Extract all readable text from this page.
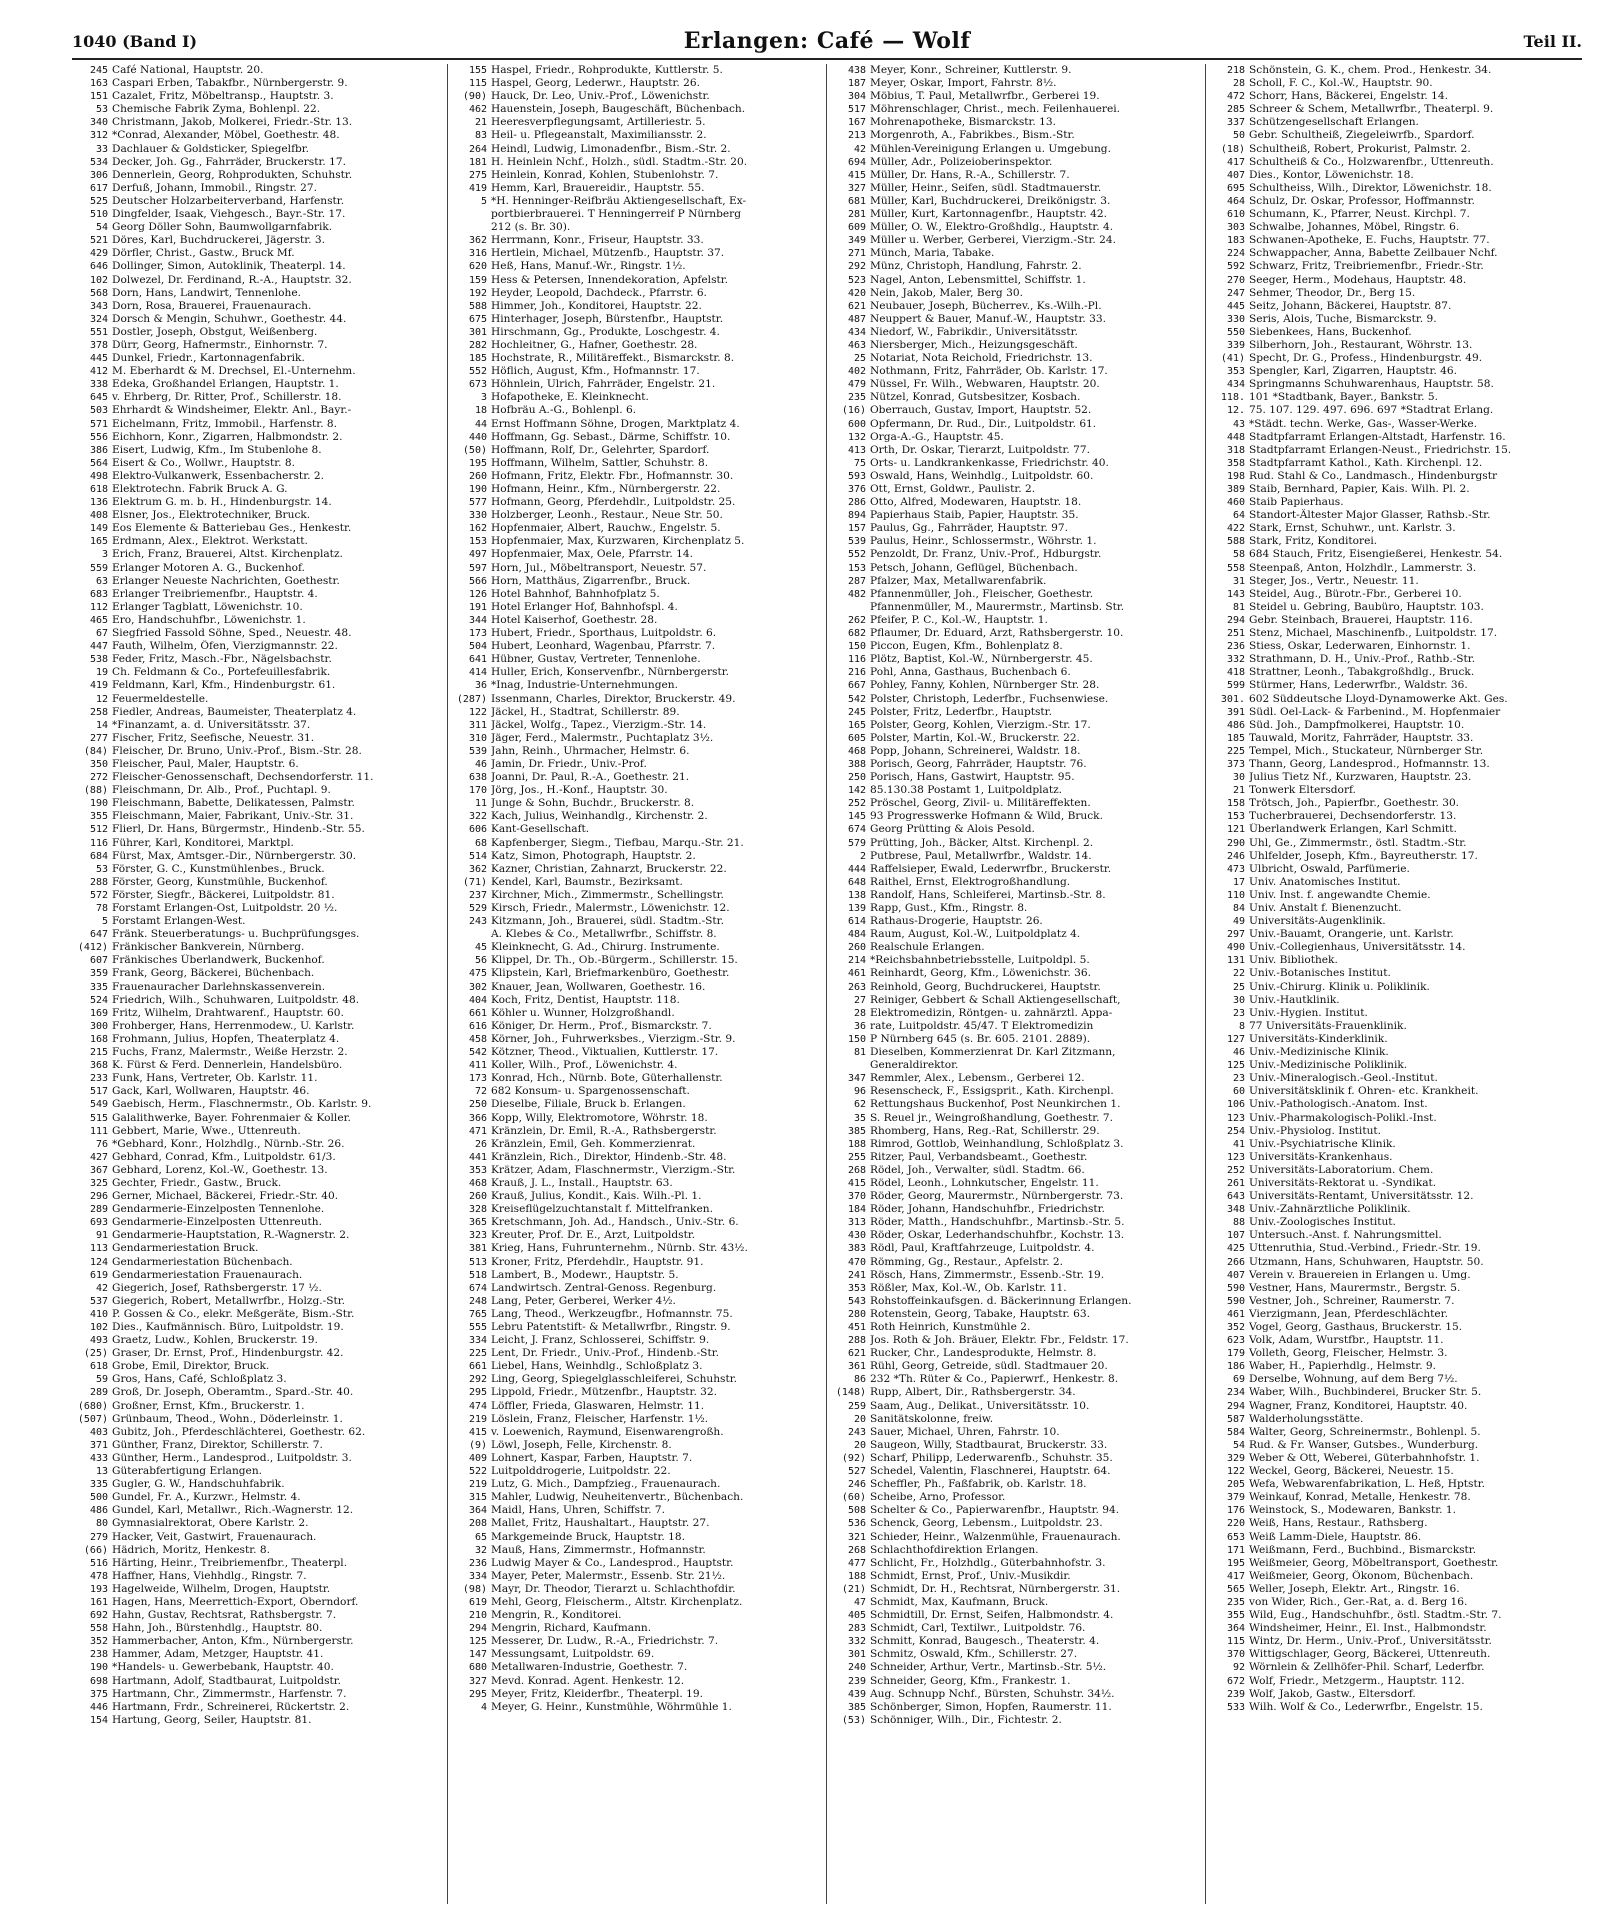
1040 (Band I)	Erlangen: Café — Wolf	Teil II.
245 Café National, Hauptstr. 20.
163 Caspari Erben, Tabakfbr., Nürnbergerstr. 9.
151 Cazalet, Fritz, Möbeltransp., Hauptstr. 3.
53 Chemische Fabrik Zyma, Bohlenpl. 22.
340 Christmann, Jakob, Molkerei, Friedr.-Str. 13.
312 *Conrad, Alexander, Möbel, Goethestr. 48.
33 Dachlauer & Goldsticker, Spiegelfbr.
534 Decker, Joh. Gg., Fahrräder, Bruckerstr. 17.
306 Dennerlein, Georg, Rohprodukten, Schuhstr.
617 Derfuß, Johann, Immobil., Ringstr. 27.
525 Deutscher Holzarbeiterverband, Harfenstr.
510 Dingfelder, Isaak, Viehgesch., Bayr.-Str. 17.
54 Georg Döller Sohn, Baumwollgarnfabrik.
521 Döres, Karl, Buchdruckerei, Jägerstr. 3.
429 Dörfler, Christ., Gastw., Bruck Mf.
646 Dollinger, Simon, Autoklinik, Theaterpl. 14.
102 Dolwezel, Dr. Ferdinand, R.-A., Hauptstr. 32.
568 Dorn, Hans, Landwirt, Tennenlohe.
343 Dorn, Rosa, Brauerei, Frauenaurach.
324 Dorsch & Mengin, Schuhwr., Goethestr. 44.
551 Dostler, Joseph, Obstgut, Weißenberg.
378 Dürr, Georg, Hafnermstr., Einhornstr. 7.
445 Dunkel, Friedr., Kartonnagenfabrik.
412 M. Eberhardt & M. Drechsel, El.-Unternehm.
338 Edeka, Großhandel Erlangen, Hauptstr. 1.
645 v. Ehrberg, Dr. Ritter, Prof., Schillerstr. 18.
503 Ehrhardt & Windsheimer, Elektr. Anl., Bayr.-
571 Eichelmann, Fritz, Immobil., Harfenstr. 8.
556 Eichhorn, Konr., Zigarren, Halbmondstr. 2.
386 Eisert, Ludwig, Kfm., Im Stubenlohe 8.
564 Eisert & Co., Wollwr., Hauptstr. 8.
498 Elektro-Vulkanwerk, Essenbacherstr. 2.
618 Elektrotechn. Fabrik Bruck A. G.
136 Elektrum G. m. b. H., Hindenburgstr. 14.
408 Elsner, Jos., Elektrotechniker, Bruck.
149 Eos Elemente & Batteriebau Ges., Henkestr.
165 Erdmann, Alex., Elektrot. Werkstatt.
3 Erich, Franz, Brauerei, Altst. Kirchenplatz.
559 Erlanger Motoren A. G., Buckenhof.
63 Erlanger Neueste Nachrichten, Goethestr.
683 Erlanger Treibriemenfbr., Hauptstr. 4.
112 Erlanger Tagblatt, Löwenichstr. 10.
465 Ero, Handschuhfbr., Löwenichstr. 1.
67 Siegfried Fassold Söhne, Sped., Neuestr. 48.
447 Fauth, Wilhelm, Öfen, Vierzigmannstr. 22.
538 Feder, Fritz, Masch.-Fbr., Nägelsbachstr.
19 Ch. Feldmann & Co., Portefeuillesfabrik.
419 Feldmann, Karl, Kfm., Hindenburgstr. 61.
12 Feuermeldestelle.
258 Fiedler, Andreas, Baumeister, Theaterplatz 4.
14 *Finanzamt, a. d. Universitätsstr. 37.
277 Fischer, Fritz, Seefische, Neuestr. 31.
(84) Fleischer, Dr. Bruno, Univ.-Prof., Bism.-Str. 28.
350 Fleischer, Paul, Maler, Hauptstr. 6.
272 Fleischer-Genossenschaft, Dechsendorferstr. 11.
(88) Fleischmann, Dr. Alb., Prof., Puchtapl. 9.
190 Fleischmann, Babette, Delikatessen, Palmstr.
355 Fleischmann, Maier, Fabrikant, Univ.-Str. 31.
512 Flierl, Dr. Hans, Bürgermstr., Hindenb.-Str. 55.
116 Führer, Karl, Konditorei, Marktpl.
684 Fürst, Max, Amtsger.-Dir., Nürnbergerstr. 30.
53 Förster, G. C., Kunstmühlenbes., Bruck.
288 Förster, Georg, Kunstmühle, Buckenhof.
572 Förster, Siegfr., Bäckerei, Luitpoldstr. 81.
78 Forstamt Erlangen-Ost, Luitpoldstr. 20 ½.
5 Forstamt Erlangen-West.
647 Fränk. Steuerberatungs- u. Buchprüfungsges.
(412) Fränkischer Bankverein, Nürnberg.
607 Fränkisches Überlandwerk, Buckenhof.
359 Frank, Georg, Bäckerei, Büchenbach.
335 Frauenauracher Darlehnskassenverein.
524 Friedrich, Wilh., Schuhwaren, Luitpoldstr. 48.
169 Fritz, Wilhelm, Drahtwarenf., Hauptstr. 60.
300 Frohberger, Hans, Herrenmodew., U. Karlstr.
168 Frohmann, Julius, Hopfen, Theaterplatz 4.
215 Fuchs, Franz, Malermstr., Weiße Herzstr. 2.
368 K. Fürst & Ferd. Dennerlein, Handelsbüro.
233 Funk, Hans, Vertreter, Ob. Karlstr. 11.
517 Gack, Karl, Wollwaren, Hauptstr. 46.
549 Gaebisch, Herm., Flaschnermstr., Ob. Karlstr. 9.
515 Galalithwerke, Bayer. Fohrenmaier & Koller.
111 Gebbert, Marie, Wwe., Uttenreuth.
76 *Gebhard, Konr., Holzhdlg., Nürnb.-Str. 26.
427 Gebhard, Conrad, Kfm., Luitpoldstr. 61/3.
367 Gebhard, Lorenz, Kol.-W., Goethestr. 13.
325 Gechter, Friedr., Gastw., Bruck.
296 Gerner, Michael, Bäckerei, Friedr.-Str. 40.
289 Gendarmerie-Einzelposten Tennenlohe.
693 Gendarmerie-Einzelposten Uttenreuth.
91 Gendarmerie-Hauptstation, R.-Wagnerstr. 2.
113 Gendarmeriestation Bruck.
124 Gendarmeriestation Büchenbach.
619 Gendarmeriestation Frauenaurach.
42 Giegerich, Josef, Rathsbergerstr. 17 ½.
537 Giegerich, Robert, Metallwrfbr., Holzg.-Str.
410 P. Gossen & Co., elekr. Meßgeräte, Bism.-Str.
102 Dies., Kaufmännisch. Büro, Luitpoldstr. 19.
493 Graetz, Ludw., Kohlen, Bruckerstr. 19.
(25) Graser, Dr. Ernst, Prof., Hindenburgstr. 42.
618 Grobe, Emil, Direktor, Bruck.
59 Gros, Hans, Café, Schloßplatz 3.
289 Groß, Dr. Joseph, Oberamtm., Spard.-Str. 40.
(680) Großner, Ernst, Kfm., Bruckerstr. 1.
(507) Grünbaum, Theod., Wohn., Döderleinstr. 1.
403 Gubitz, Joh., Pferdeschlächterei, Goethestr. 62.
371 Günther, Franz, Direktor, Schillerstr. 7.
433 Günther, Herm., Landesprod., Luitpoldstr. 3.
13 Güterabfertigung Erlangen.
335 Gugler, G. W., Handschuhfabrik.
500 Gundel, Fr. A., Kurzwr., Helmstr. 4.
486 Gundel, Karl, Metallwr., Rich.-Wagnerstr. 12.
80 Gymnasialrektorat, Obere Karlstr. 2.
279 Hacker, Veit, Gastwirt, Frauenaurach.
(66) Hädrich, Moritz, Henkestr. 8.
516 Härting, Heinr., Treibriemenfbr., Theaterpl.
478 Haffner, Hans, Viehhdlg., Ringstr. 7.
193 Hagelweide, Wilhelm, Drogen, Hauptstr.
161 Hagen, Hans, Meerrettich-Export, Oberndorf.
692 Hahn, Gustav, Rechtsrat, Rathsbergstr. 7.
558 Hahn, Joh., Bürstenhdlg., Hauptstr. 80.
352 Hammerbacher, Anton, Kfm., Nürnbergerstr.
238 Hammer, Adam, Metzger, Hauptstr. 41.
190 *Handels- u. Gewerbebank, Hauptstr. 40.
698 Hartmann, Adolf, Stadtbaurat, Luitpoldstr.
375 Hartmann, Chr., Zimmermstr., Harfenstr. 7.
446 Hartmann, Frdr., Schreinerei, Rückertstr. 2.
154 Hartung, Georg, Seiler, Hauptstr. 81.
155 Haspel, Friedr., Rohprodukte, Kuttlerstr. 5.
115 Haspel, Georg, Lederwr., Hauptstr. 26.
(90) Hauck, Dr. Leo, Univ.-Prof., Löwenichstr.
462 Hauenstein, Joseph, Baugeschäft, Büchenbach.
21 Heeresverpflegungsamt, Artilleriestr. 5.
83 Heil- u. Pflegeanstalt, Maximiliansstr. 2.
264 Heindl, Ludwig, Limonadenfbr., Bism.-Str. 2.
181 H. Heinlein Nchf., Holzh., südl. Stadtm.-Str. 20.
275 Heinlein, Konrad, Kohlen, Stubenlohstr. 7.
419 Hemm, Karl, Brauereidir., Hauptstr. 55.
5 *H. Henninger-Reifbräu Aktiengesellschaft, Ex-
portbierbrauerei. T Henningerreif P Nürnberg
212 (s. Br. 30).
362 Herrmann, Konr., Friseur, Hauptstr. 33.
316 Hertlein, Michael, Mützenfb., Hauptstr. 37.
620 Heß, Hans, Manuf.-Wr., Ringstr. 1½.
159 Hess & Petersen, Innendekoration, Apfelstr.
192 Heyder, Leopold, Dachdeck., Pfarrstr. 6.
588 Himmer, Joh., Konditorei, Hauptstr. 22.
675 Hinterhager, Joseph, Bürstenfbr., Hauptstr.
301 Hirschmann, Gg., Produkte, Loschgestr. 4.
282 Hochleitner, G., Hafner, Goethestr. 28.
185 Hochstrate, R., Militäreffekt., Bismarckstr. 8.
552 Höflich, August, Kfm., Hofmannstr. 17.
673 Höhnlein, Ulrich, Fahrräder, Engelstr. 21.
3 Hofapotheke, E. Kleinknecht.
18 Hofbräu A.-G., Bohlenpl. 6.
44 Ernst Hoffmann Söhne, Drogen, Marktplatz 4.
440 Hoffmann, Gg. Sebast., Därme, Schiffstr. 10.
(50) Hoffmann, Rolf, Dr., Gelehrter, Spardorf.
195 Hoffmann, Wilhelm, Sattler, Schuhstr. 8.
260 Hofmann, Fritz, Elektr. Fbr., Hofmannstr. 30.
190 Hofmann, Heinr., Kfm., Nürnbergerstr. 22.
577 Hofmann, Georg, Pferdehdlr., Luitpoldstr. 25.
330 Holzberger, Leonh., Restaur., Neue Str. 50.
162 Hopfenmaier, Albert, Rauchw., Engelstr. 5.
153 Hopfenmaier, Max, Kurzwaren, Kirchenplatz 5.
497 Hopfenmaier, Max, Oele, Pfarrstr. 14.
597 Horn, Jul., Möbeltransport, Neuestr. 57.
566 Horn, Matthäus, Zigarrenfbr., Bruck.
126 Hotel Bahnhof, Bahnhofplatz 5.
191 Hotel Erlanger Hof, Bahnhofspl. 4.
344 Hotel Kaiserhof, Goethestr. 28.
173 Hubert, Friedr., Sporthaus, Luitpoldstr. 6.
504 Hubert, Leonhard, Wagenbau, Pfarrstr. 7.
641 Hübner, Gustav, Vertreter, Tennenlohe.
414 Huller, Erich, Konservenfbr., Nürnbergerstr.
36 *Inag, Industrie-Unternehmungen.
(287) Issenmann, Charles, Direktor, Bruckerstr. 49.
122 Jäckel, H., Stadtrat, Schillerstr. 89.
311 Jäckel, Wolfg., Tapez., Vierzigm.-Str. 14.
310 Jäger, Ferd., Malermstr., Puchtaplatz 3½.
539 Jahn, Reinh., Uhrmacher, Helmstr. 6.
46 Jamin, Dr. Friedr., Univ.-Prof.
638 Joanni, Dr. Paul, R.-A., Goethestr. 21.
170 Jörg, Jos., H.-Konf., Hauptstr. 30.
11 Junge & Sohn, Buchdr., Bruckerstr. 8.
322 Kach, Julius, Weinhandlg., Kirchenstr. 2.
606 Kant-Gesellschaft.
68 Kapfenberger, Siegm., Tiefbau, Marqu.-Str. 21.
514 Katz, Simon, Photograph, Hauptstr. 2.
362 Kazner, Christian, Zahnarzt, Bruckerstr. 22.
(71) Kendel, Karl, Baumstr., Bezirksamt.
237 Kirchner, Mich., Zimmermstr., Schellingstr.
529 Kirsch, Friedr., Malermstr., Löwenichstr. 12.
243 Kitzmann, Joh., Brauerei, südl. Stadtm.-Str.
A. Klebes & Co., Metallwrfbr., Schiffstr. 8.
45 Kleinknecht, G. Ad., Chirurg. Instrumente.
56 Klippel, Dr. Th., Ob.-Bürgerm., Schillerstr. 15.
475 Klipstein, Karl, Briefmarkenbüro, Goethestr.
302 Knauer, Jean, Wollwaren, Goethestr. 16.
404 Koch, Fritz, Dentist, Hauptstr. 118.
661 Köhler u. Wunner, Holzgroßhandl.
616 Königer, Dr. Herm., Prof., Bismarckstr. 7.
458 Körner, Joh., Fuhrwerksbes., Vierzigm.-Str. 9.
542 Kötzner, Theod., Viktualien, Kuttlerstr. 17.
411 Koller, Wilh., Prof., Löwenichstr. 4.
173 Konrad, Hch., Nürnb. Bote, Güterhallenstr.
72 682 Konsum- u. Spargenossenschaft.
250 Dieselbe, Filiale, Bruck b. Erlangen.
366 Kopp, Willy, Elektromotore, Wöhrstr. 18.
471 Kränzlein, Dr. Emil, R.-A., Rathsbergerstr.
26 Kränzlein, Emil, Geh. Kommerzienrat.
441 Kränzlein, Rich., Direktor, Hindenb.-Str. 48.
353 Krätzer, Adam, Flaschnermstr., Vierzigm.-Str.
468 Krauß, J. L., Install., Hauptstr. 63.
260 Krauß, Julius, Kondit., Kais. Wilh.-Pl. 1.
328 Kreiseflügelzuchtanstalt f. Mittelfranken.
365 Kretschmann, Joh. Ad., Handsch., Univ.-Str. 6.
323 Kreuter, Prof. Dr. E., Arzt, Luitpoldstr.
381 Krieg, Hans, Fuhrunternehm., Nürnb. Str. 43½.
513 Kroner, Fritz, Pferdehdlr., Hauptstr. 91.
518 Lambert, B., Modewr., Hauptstr. 5.
674 Landwirtsch. Zentral-Genoss. Regenburg.
248 Lang, Peter, Gerberei, Werker 4½.
765 Lang, Theod., Werkzeugfbr., Hofmannstr. 75.
555 Lebru Patentstift- & Metallwrfbr., Ringstr. 9.
334 Leicht, J. Franz, Schlosserei, Schiffstr. 9.
225 Lent, Dr. Friedr., Univ.-Prof., Hindenb.-Str.
661 Liebel, Hans, Weinhdlg., Schloßplatz 3.
292 Ling, Georg, Spiegelglasschleiferei, Schuhstr.
295 Lippold, Friedr., Mützenfbr., Hauptstr. 32.
474 Löffler, Frieda, Glaswaren, Helmstr. 11.
219 Löslein, Franz, Fleischer, Harfenstr. 1½.
415 v. Loewenich, Raymund, Eisenwarengroßh.
(9) Löwl, Joseph, Felle, Kirchenstr. 8.
409 Lohnert, Kaspar, Farben, Hauptstr. 7.
522 Luitpolddrogerie, Luitpoldstr. 22.
219 Lutz, G. Mich., Dampfzieg., Frauenaurach.
315 Mahler, Ludwig, Neuheitenvertr., Büchenbach.
364 Maidl, Hans, Uhren, Schiffstr. 7.
208 Mallet, Fritz, Haushaltart., Hauptstr. 27.
65 Markgemeinde Bruck, Hauptstr. 18.
32 Mauß, Hans, Zimmermstr., Hofmannstr.
236 Ludwig Mayer & Co., Landesprod., Hauptstr.
334 Mayer, Peter, Malermstr., Essenb. Str. 21½.
(98) Mayr, Dr. Theodor, Tierarzt u. Schlachthofdir.
619 Mehl, Georg, Fleischerm., Altstr. Kirchenplatz.
210 Mengrin, R., Konditorei.
294 Mengrin, Richard, Kaufmann.
125 Messerer, Dr. Ludw., R.-A., Friedrichstr. 7.
147 Messungsamt, Luitpoldstr. 69.
680 Metallwaren-Industrie, Goethestr. 7.
327 Mevd. Konrad. Agent. Henkestr. 12.
295 Meyer, Fritz, Kleiderfbr., Theaterpl. 19.
4 Meyer, G. Heinr., Kunstmühle, Wöhrmühle 1.
438 Meyer, Konr., Schreiner, Kuttlerstr. 9.
187 Meyer, Oskar, Import, Fahrstr. 8½.
304 Möbius, T. Paul, Metallwrfbr., Gerberei 19.
517 Möhrenschlager, Christ., mech. Feilenhauerei.
167 Mohrenapotheke, Bismarckstr. 13.
213 Morgenroth, A., Fabrikbes., Bism.-Str.
42 Mühlen-Vereinigung Erlangen u. Umgebung.
694 Müller, Adr., Polizeioberinspektor.
415 Müller, Dr. Hans, R.-A., Schillerstr. 7.
327 Müller, Heinr., Seifen, südl. Stadtmauerstr.
681 Müller, Karl, Buchdruckerei, Dreikönigstr. 3.
281 Müller, Kurt, Kartonnagenfbr., Hauptstr. 42.
609 Müller, O. W., Elektro-Großhdlg., Hauptstr. 4.
349 Müller u. Werber, Gerberei, Vierzigm.-Str. 24.
271 Münch, Maria, Tabake.
292 Münz, Christoph, Handlung, Fahrstr. 2.
523 Nagel, Anton, Lebensmittel, Schiffstr. 1.
420 Nein, Jakob, Maler, Berg 30.
621 Neubauer, Joseph, Bücherrev., Ks.-Wilh.-Pl.
487 Neuppert & Bauer, Manuf.-W., Hauptstr. 33.
434 Niedorf, W., Fabrikdir., Universitätsstr.
463 Niersberger, Mich., Heizungsgeschäft.
25 Notariat, Nota Reichold, Friedrichstr. 13.
402 Nothmann, Fritz, Fahrräder, Ob. Karlstr. 17.
479 Nüssel, Fr. Wilh., Webwaren, Hauptstr. 20.
235 Nützel, Konrad, Gutsbesitzer, Kosbach.
(16) Oberrauch, Gustav, Import, Hauptstr. 52.
600 Opfermann, Dr. Rud., Dir., Luitpoldstr. 61.
132 Orga-A.-G., Hauptstr. 45.
413 Orth, Dr. Oskar, Tierarzt, Luitpoldstr. 77.
75 Orts- u. Landkrankenkasse, Friedrichstr. 40.
593 Oswald, Hans, Weinhdlg., Luitpoldstr. 60.
376 Ott, Ernst, Goldwr., Paulistr. 2.
286 Otto, Alfred, Modewaren, Hauptstr. 18.
894 Papierhaus Staib, Papier, Hauptstr. 35.
157 Paulus, Gg., Fahrräder, Hauptstr. 97.
539 Paulus, Heinr., Schlossermstr., Wöhrstr. 1.
552 Penzoldt, Dr. Franz, Univ.-Prof., Hdburgstr.
153 Petsch, Johann, Geflügel, Büchenbach.
287 Pfalzer, Max, Metallwarenfabrik.
482 Pfannenmüller, Joh., Fleischer, Goethestr.
Pfannenmüller, M., Maurermstr., Martinsb. Str.
262 Pfeifer, P. C., Kol.-W., Hauptstr. 1.
682 Pflaumer, Dr. Eduard, Arzt, Rathsbergerstr. 10.
150 Piccon, Eugen, Kfm., Bohlenplatz 8.
116 Plötz, Baptist, Kol.-W., Nürnbergerstr. 45.
216 Pohl, Anna, Gasthaus, Buchenbach 6.
667 Pohley, Fanny, Kohlen, Nürnberger Str. 28.
542 Polster, Christoph, Lederfbr., Fuchsenwiese.
245 Polster, Fritz, Lederfbr., Hauptstr.
165 Polster, Georg, Kohlen, Vierzigm.-Str. 17.
605 Polster, Martin, Kol.-W., Bruckerstr. 22.
468 Popp, Johann, Schreinerei, Waldstr. 18.
388 Porisch, Georg, Fahrräder, Hauptstr. 76.
250 Porisch, Hans, Gastwirt, Hauptstr. 95.
142 85.130.38 Postamt 1, Luitpoldplatz.
252 Pröschel, Georg, Zivil- u. Militäreffekten.
145 93 Progresswerke Hofmann & Wild, Bruck.
674 Georg Prütting & Alois Pesold.
579 Prütting, Joh., Bäcker, Altst. Kirchenpl. 2.
2 Putbrese, Paul, Metallwrfbr., Waldstr. 14.
444 Raffelsieper, Ewald, Lederwrfbr., Bruckerstr.
648 Raithel, Ernst, Elektrogroßhandlung.
138 Randolf, Hans, Schleiferei, Martinsb.-Str. 8.
139 Rapp, Gust., Kfm., Ringstr. 8.
614 Rathaus-Drogerie, Hauptstr. 26.
484 Raum, August, Kol.-W., Luitpoldplatz 4.
260 Realschule Erlangen.
214 *Reichsbahnbetriebsstelle, Luitpoldpl. 5.
461 Reinhardt, Georg, Kfm., Löwenichstr. 36.
263 Reinhold, Georg, Buchdruckerei, Hauptstr.
27 Reiniger, Gebbert & Schall Aktiengesellschaft,
28 Elektromedizin, Röntgen- u. zahnärztl. Appa-
36 rate, Luitpoldstr. 45/47. T Elektromedizin
150 P Nürnberg 645 (s. Br. 605. 2101. 2889).
81 Dieselben, Kommerzienrat Dr. Karl Zitzmann,
Generaldirektor.
347 Remmler, Alex., Lebensm., Gerberei 12.
96 Resenscheck, F., Essigsprit., Kath. Kirchenpl.
62 Rettungshaus Buckenhof, Post Neunkirchen 1.
35 S. Reuel jr., Weingroßhandlung, Goethestr. 7.
385 Rhomberg, Hans, Reg.-Rat, Schillerstr. 29.
188 Rimrod, Gottlob, Weinhandlung, Schloßplatz 3.
255 Ritzer, Paul, Verbandsbeamt., Goethestr.
268 Rödel, Joh., Verwalter, südl. Stadtm. 66.
415 Rödel, Leonh., Lohnkutscher, Engelstr. 11.
370 Röder, Georg, Maurermstr., Nürnbergerstr. 73.
184 Röder, Johann, Handschuhfbr., Friedrichstr.
313 Röder, Matth., Handschuhfbr., Martinsb.-Str. 5.
430 Röder, Oskar, Lederhandschuhfbr., Kochstr. 13.
383 Rödl, Paul, Kraftfahrzeuge, Luitpoldstr. 4.
470 Römming, Gg., Restaur., Apfelstr. 2.
241 Rösch, Hans, Zimmermstr., Essenb.-Str. 19.
353 Rößler, Max, Kol.-W., Ob. Karlstr. 11.
543 Rohstoffeinkaufsgen. d. Bäckerinnung Erlangen.
280 Rotenstein, Georg, Tabake, Hauptstr. 63.
451 Roth Heinrich, Kunstmühle 2.
288 Jos. Roth & Joh. Bräuer, Elektr. Fbr., Feldstr. 17.
621 Rucker, Chr., Landesprodukte, Helmstr. 8.
361 Rühl, Georg, Getreide, südl. Stadtmauer 20.
86 232 *Th. Rüter & Co., Papierwrf., Henkestr. 8.
(148) Rupp, Albert, Dir., Rathsbergerstr. 34.
259 Saam, Aug., Delikat., Universitätsstr. 10.
20 Sanitätskolonne, freiw.
243 Sauer, Michael, Uhren, Fahrstr. 10.
20 Saugeon, Willy, Stadtbaurat, Bruckerstr. 33.
(92) Scharf, Philipp, Lederwarenfb., Schuhstr. 35.
527 Schedel, Valentin, Flaschnerei, Hauptstr. 64.
246 Scheffler, Ph., Faßfabrik, ob. Karlstr. 18.
(60) Scheibe, Arno, Professor.
508 Schelter & Co., Papierwarenfbr., Hauptstr. 94.
536 Schenck, Georg, Lebensm., Luitpoldstr. 23.
321 Schieder, Heinr., Walzenmühle, Frauenaurach.
268 Schlachthofdirektion Erlangen.
477 Schlicht, Fr., Holzhdlg., Güterbahnhofstr. 3.
188 Schmidt, Ernst, Prof., Univ.-Musikdir.
(21) Schmidt, Dr. H., Rechtsrat, Nürnbergerstr. 31.
47 Schmidt, Max, Kaufmann, Bruck.
405 Schmidtill, Dr. Ernst, Seifen, Halbmondstr. 4.
283 Schmidt, Carl, Textilwr., Luitpoldstr. 76.
332 Schmitt, Konrad, Baugesch., Theaterstr. 4.
301 Schmitz, Oswald, Kfm., Schillerstr. 27.
240 Schneider, Arthur, Vertr., Martinsb.-Str. 5½.
239 Schneider, Georg, Kfm., Frankestr. 1.
439 Aug. Schnupp Nchf., Bürsten, Schuhstr. 34½.
385 Schönberger, Simon, Hopfen, Raumerstr. 11.
(53) Schönniger, Wilh., Dir., Fichtestr. 2.
218 Schönstein, G. K., chem. Prod., Henkestr. 34.
28 Scholl, F. C., Kol.-W., Hauptstr. 90.
472 Schorr, Hans, Bäckerei, Engelstr. 14.
285 Schreer & Schem, Metallwrfbr., Theaterpl. 9.
337 Schützengesellschaft Erlangen.
50 Gebr. Schultheiß, Ziegeleiwrfb., Spardorf.
(18) Schultheiß, Robert, Prokurist, Palmstr. 2.
417 Schultheiß & Co., Holzwarenfbr., Uttenreuth.
407 Dies., Kontor, Löwenichstr. 18.
695 Schultheiss, Wilh., Direktor, Löwenichstr. 18.
464 Schulz, Dr. Oskar, Professor, Hoffmannstr.
610 Schumann, K., Pfarrer, Neust. Kirchpl. 7.
303 Schwalbe, Johannes, Möbel, Ringstr. 6.
183 Schwanen-Apotheke, E. Fuchs, Hauptstr. 77.
224 Schwappacher, Anna, Babette Zeilbauer Nchf.
592 Schwarz, Fritz, Treibriemenfbr., Friedr.-Str.
270 Seeger, Herm., Modehaus, Hauptstr. 48.
247 Sehmer, Theodor, Dr., Berg 15.
445 Seitz, Johann, Bäckerei, Hauptstr. 87.
330 Seris, Alois, Tuche, Bismarckstr. 9.
550 Siebenkees, Hans, Buckenhof.
339 Silberhorn, Joh., Restaurant, Wöhrstr. 13.
(41) Specht, Dr. G., Profess., Hindenburgstr. 49.
353 Spengler, Karl, Zigarren, Hauptstr. 46.
434 Springmanns Schuhwarenhaus, Hauptstr. 58.
118. 101 *Stadtbank, Bayer., Bankstr. 5.
12. 75. 107. 129. 497. 696. 697 *Stadtrat Erlang.
43 *Städt. techn. Werke, Gas-, Wasser-Werke.
448 Stadtpfarramt Erlangen-Altstadt, Harfenstr. 16.
318 Stadtpfarramt Erlangen-Neust., Friedrichstr. 15.
358 Stadtpfarramt Kathol., Kath. Kirchenpl. 12.
198 Rud. Stahl & Co., Landmasch., Hindenburgstr
389 Staib, Bernhard, Papier, Kais. Wilh. Pl. 2.
460 Staib Papierhaus.
64 Standort-Ältester Major Glasser, Rathsb.-Str.
422 Stark, Ernst, Schuhwr., unt. Karlstr. 3.
588 Stark, Fritz, Konditorei.
58 684 Stauch, Fritz, Eisengießerei, Henkestr. 54.
558 Steenpaß, Anton, Holzhdlr., Lammerstr. 3.
31 Steger, Jos., Vertr., Neuestr. 11.
143 Steidel, Aug., Bürotr.-Fbr., Gerberei 10.
81 Steidel u. Gebring, Baubüro, Hauptstr. 103.
294 Gebr. Steinbach, Brauerei, Hauptstr. 116.
251 Stenz, Michael, Maschinenfb., Luitpoldstr. 17.
236 Stiess, Oskar, Lederwaren, Einhornstr. 1.
332 Strathmann, D. H., Univ.-Prof., Rathb.-Str.
418 Strattner, Leonh., Tabakgroßhdlg., Bruck.
599 Stürmer, Hans, Lederwrfbr., Waldstr. 36.
301. 602 Süddeutsche Lloyd-Dynamowerke Akt. Ges.
391 Südl. Oel-Lack- & Farbenind., M. Hopfenmaier
486 Süd. Joh., Dampfmolkerei, Hauptstr. 10.
185 Tauwald, Moritz, Fahrräder, Hauptstr. 33.
225 Tempel, Mich., Stuckateur, Nürnberger Str.
373 Thann, Georg, Landesprod., Hofmannstr. 13.
30 Julius Tietz Nf., Kurzwaren, Hauptstr. 23.
21 Tonwerk Eltersdorf.
158 Trötsch, Joh., Papierfbr., Goethestr. 30.
153 Tucherbrauerei, Dechsendorferstr. 13.
121 Überlandwerk Erlangen, Karl Schmitt.
290 Uhl, Ge., Zimmermstr., östl. Stadtm.-Str.
246 Uhlfelder, Joseph, Kfm., Bayreutherstr. 17.
473 Ulbricht, Oswald, Parfümerie.
17 Univ. Anatomisches Institut.
110 Univ. Inst. f. angewandte Chemie.
84 Univ. Anstalt f. Bienenzucht.
49 Universitäts-Augenklinik.
297 Univ.-Bauamt, Orangerie, unt. Karlstr.
490 Univ.-Collegienhaus, Universitätsstr. 14.
131 Univ. Bibliothek.
22 Univ.-Botanisches Institut.
25 Univ.-Chirurg. Klinik u. Poliklinik.
30 Univ.-Hautklinik.
23 Univ.-Hygien. Institut.
8 77 Universitäts-Frauenklinik.
127 Universitäts-Kinderklinik.
46 Univ.-Medizinische Klinik.
125 Univ.-Medizinische Poliklinik.
23 Univ.-Mineralogisch.-Geol.-Institut.
60 Universitätsklinik f. Ohren- etc. Krankheit.
106 Univ.-Pathologisch.-Anatom. Inst.
123 Univ.-Pharmakologisch-Polikl.-Inst.
254 Univ.-Physiolog. Institut.
41 Univ.-Psychiatrische Klinik.
123 Universitäts-Krankenhaus.
252 Universitäts-Laboratorium. Chem.
261 Universitäts-Rektorat u. -Syndikat.
643 Universitäts-Rentamt, Universitätsstr. 12.
348 Univ.-Zahnärztliche Poliklinik.
88 Univ.-Zoologisches Institut.
107 Untersuch.-Anst. f. Nahrungsmittel.
425 Uttenruthia, Stud.-Verbind., Friedr.-Str. 19.
266 Utzmann, Hans, Schuhwaren, Hauptstr. 50.
407 Verein v. Brauereien in Erlangen u. Umg.
590 Vestner, Hans, Maurermstr., Bergstr. 5.
590 Vestner, Joh., Schreiner, Raumerstr. 7.
461 Vierzigmann, Jean, Pferdeschlächter.
352 Vogel, Georg, Gasthaus, Bruckerstr. 15.
623 Volk, Adam, Wurstfbr., Hauptstr. 11.
179 Volleth, Georg, Fleischer, Helmstr. 3.
186 Waber, H., Papierhdlg., Helmstr. 9.
69 Derselbe, Wohnung, auf dem Berg 7½.
234 Waber, Wilh., Buchbinderei, Brucker Str. 5.
294 Wagner, Franz, Konditorei, Hauptstr. 40.
587 Walderholungsstätte.
584 Walter, Georg, Schreinermstr., Bohlenpl. 5.
54 Rud. & Fr. Wanser, Gutsbes., Wunderburg.
329 Weber & Ott, Weberei, Güterbahnhofstr. 1.
122 Weckel, Georg, Bäckerei, Neuestr. 15.
205 Wefa, Webwarenfabrikation, L. Heß, Hptstr.
379 Weinkauf, Konrad, Metalle, Henkestr. 78.
176 Weinstock, S., Modewaren, Bankstr. 1.
220 Weiß, Hans, Restaur., Rathsberg.
653 Weiß Lamm-Diele, Hauptstr. 86.
171 Weißmann, Ferd., Buchbind., Bismarckstr.
195 Weißmeier, Georg, Möbeltransport, Goethestr.
417 Weißmeier, Georg, Ökonom, Büchenbach.
565 Weller, Joseph, Elektr. Art., Ringstr. 16.
235 von Wider, Rich., Ger.-Rat, a. d. Berg 16.
355 Wild, Eug., Handschuhfbr., östl. Stadtm.-Str. 7.
364 Windsheimer, Heinr., El. Inst., Halbmondstr.
115 Wintz, Dr. Herm., Univ.-Prof., Universitätsstr.
370 Wittigschlager, Georg, Bäckerei, Uttenreuth.
92 Wörnlein & Zellhöfer-Phil. Scharf, Lederfbr.
672 Wolf, Friedr., Metzgerm., Hauptstr. 112.
239 Wolf, Jakob, Gastw., Eltersdorf.
533 Wilh. Wolf & Co., Lederwrfbr., Engelstr. 15.
